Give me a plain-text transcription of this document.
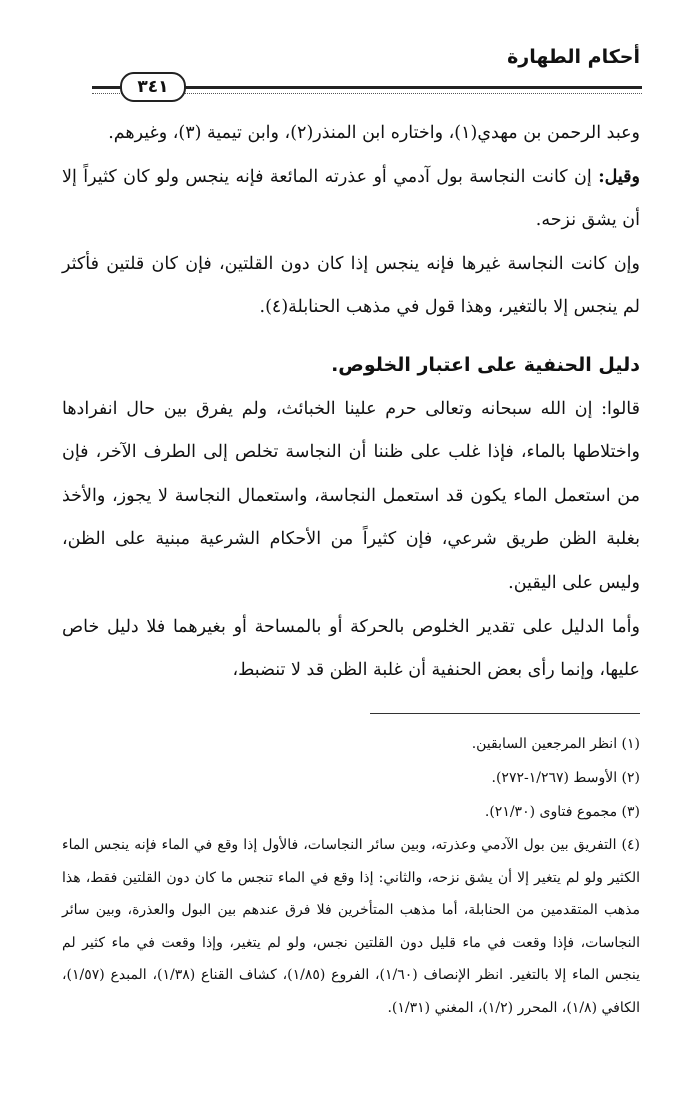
أحكام الطهارة
٣٤١

وعبد الرحمن بن مهدي(١)، واختاره ابن المنذر(٢)، وابن تيمية (٣)، وغيرهم.

وقيل: إن كانت النجاسة بول آدمي أو عذرته المائعة فإنه ينجس ولو كان كثيراً إلا أن يشق نزحه.

وإن كانت النجاسة غيرها فإنه ينجس إذا كان دون القلتين، فإن كان قلتين فأكثر لم ينجس إلا بالتغير، وهذا قول في مذهب الحنابلة(٤).

دليل الحنفية على اعتبار الخلوص.

قالوا: إن الله سبحانه وتعالى حرم علينا الخبائث، ولم يفرق بين حال انفرادها واختلاطها بالماء، فإذا غلب على ظننا أن النجاسة تخلص إلى الطرف الآخر، فإن من استعمل الماء يكون قد استعمل النجاسة، واستعمال النجاسة لا يجوز، والأخذ بغلبة الظن طريق شرعي، فإن كثيراً من الأحكام الشرعية مبنية على الظن، وليس على اليقين.

وأما الدليل على تقدير الخلوص بالحركة أو بالمساحة أو بغيرهما فلا دليل خاص عليها، وإنما رأى بعض الحنفية أن غلبة الظن قد لا تنضبط،

(١) انظر المرجعين السابقين.

(٢) الأوسط (١/٢٦٧-٢٧٢).

(٣) مجموع فتاوى (٢١/٣٠).

(٤) التفريق بين بول الآدمي وعذرته، وبين سائر النجاسات، فالأول إذا وقع في الماء فإنه ينجس الماء الكثير ولو لم يتغير إلا أن يشق نزحه، والثاني: إذا وقع في الماء تنجس ما كان دون القلتين فقط، هذا مذهب المتقدمين من الحنابلة، أما مذهب المتأخرين فلا فرق عندهم بين البول والعذرة، وبين سائر النجاسات، فإذا وقعت في ماء قليل دون القلتين نجس، ولو لم يتغير، وإذا وقعت في ماء كثير لم ينجس الماء إلا بالتغير. انظر الإنصاف (١/٦٠)، الفروع (١/٨٥)، كشاف القناع (١/٣٨)، المبدع (١/٥٧)، الكافي (١/٨)، المحرر (١/٢)، المغني (١/٣١).
